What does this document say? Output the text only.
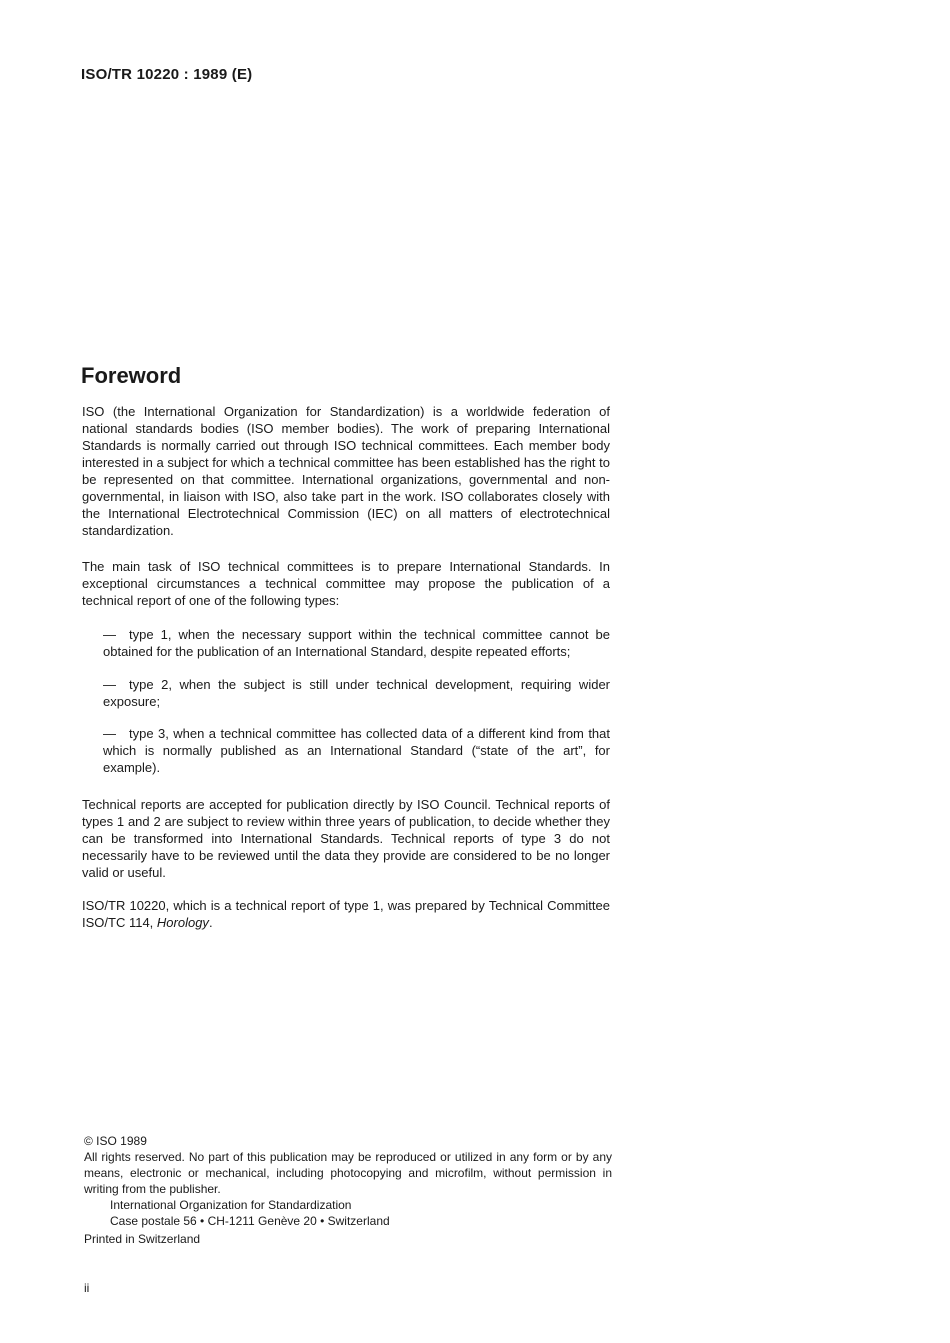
ISO/TR 10220 : 1989 (E)
Foreword

ISO (the International Organization for Standardization) is a worldwide federation of national standards bodies (ISO member bodies). The work of preparing International Standards is normally carried out through ISO technical committees. Each member body interested in a subject for which a technical committee has been established has the right to be represented on that committee. International organizations, governmental and non-governmental, in liaison with ISO, also take part in the work. ISO collaborates closely with the International Electrotechnical Commission (IEC) on all matters of electrotechnical standardization.

The main task of ISO technical committees is to prepare International Standards. In exceptional circumstances a technical committee may propose the publication of a technical report of one of the following types:

— type 1, when the necessary support within the technical committee cannot be obtained for the publication of an International Standard, despite repeated efforts;

— type 2, when the subject is still under technical development, requiring wider exposure;

— type 3, when a technical committee has collected data of a different kind from that which is normally published as an International Standard (“state of the art”, for example).

Technical reports are accepted for publication directly by ISO Council. Technical reports of types 1 and 2 are subject to review within three years of publication, to decide whether they can be transformed into International Standards. Technical reports of type 3 do not necessarily have to be reviewed until the data they provide are considered to be no longer valid or useful.

ISO/TR 10220, which is a technical report of type 1, was prepared by Technical Committee ISO/TC 114, Horology.

© ISO 1989
All rights reserved. No part of this publication may be reproduced or utilized in any form or by any means, electronic or mechanical, including photocopying and microfilm, without permission in writing from the publisher.
International Organization for Standardization
Case postale 56 • CH-1211 Genève 20 • Switzerland
Printed in Switzerland
ii
